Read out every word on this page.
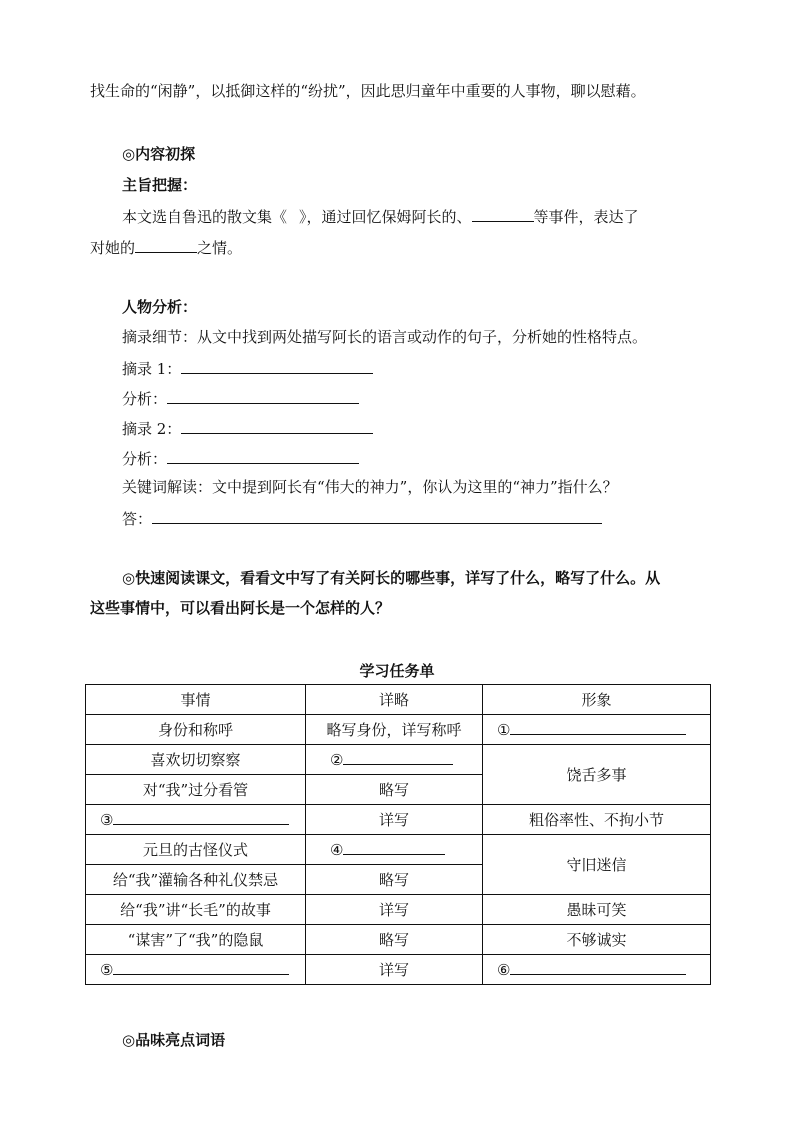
找生命的“闲静”，以抵御这样的“纷扰”，因此思归童年中重要的人事物，聊以慰藉。
◎内容初探
主旨把握：
本文选自鲁迅的散文集《 》，通过回忆保姆阿长的、	等事件，表达了
对她的	之情。
人物分析：
摘录细节：从文中找到两处描写阿长的语言或动作的句子，分析她的性格特点。
摘录 1：
分析：
摘录 2：
分析：
关键词解读：文中提到阿长有“伟大的神力”，你认为这里的“神力”指什么？
答：
◎快速阅读课文，看看文中写了有关阿长的哪些事，详写了什么，略写了什么。从
这些事情中，可以看出阿长是一个怎样的人？
学习任务单
事情	详略	形象
身份和称呼	略写身份，详写称呼	①
喜欢切切察察	②	饶舌多事
对“我”过分看管	略写	
③	详写	粗俗率性、不拘小节
元旦的古怪仪式	④	守旧迷信
给“我”灌输各种礼仪禁忌	略写	
给“我”讲“长毛”的故事	详写	愚昧可笑
“谋害”了“我”的隐鼠	略写	不够诚实
⑤	详写	⑥
◎品味亮点词语
